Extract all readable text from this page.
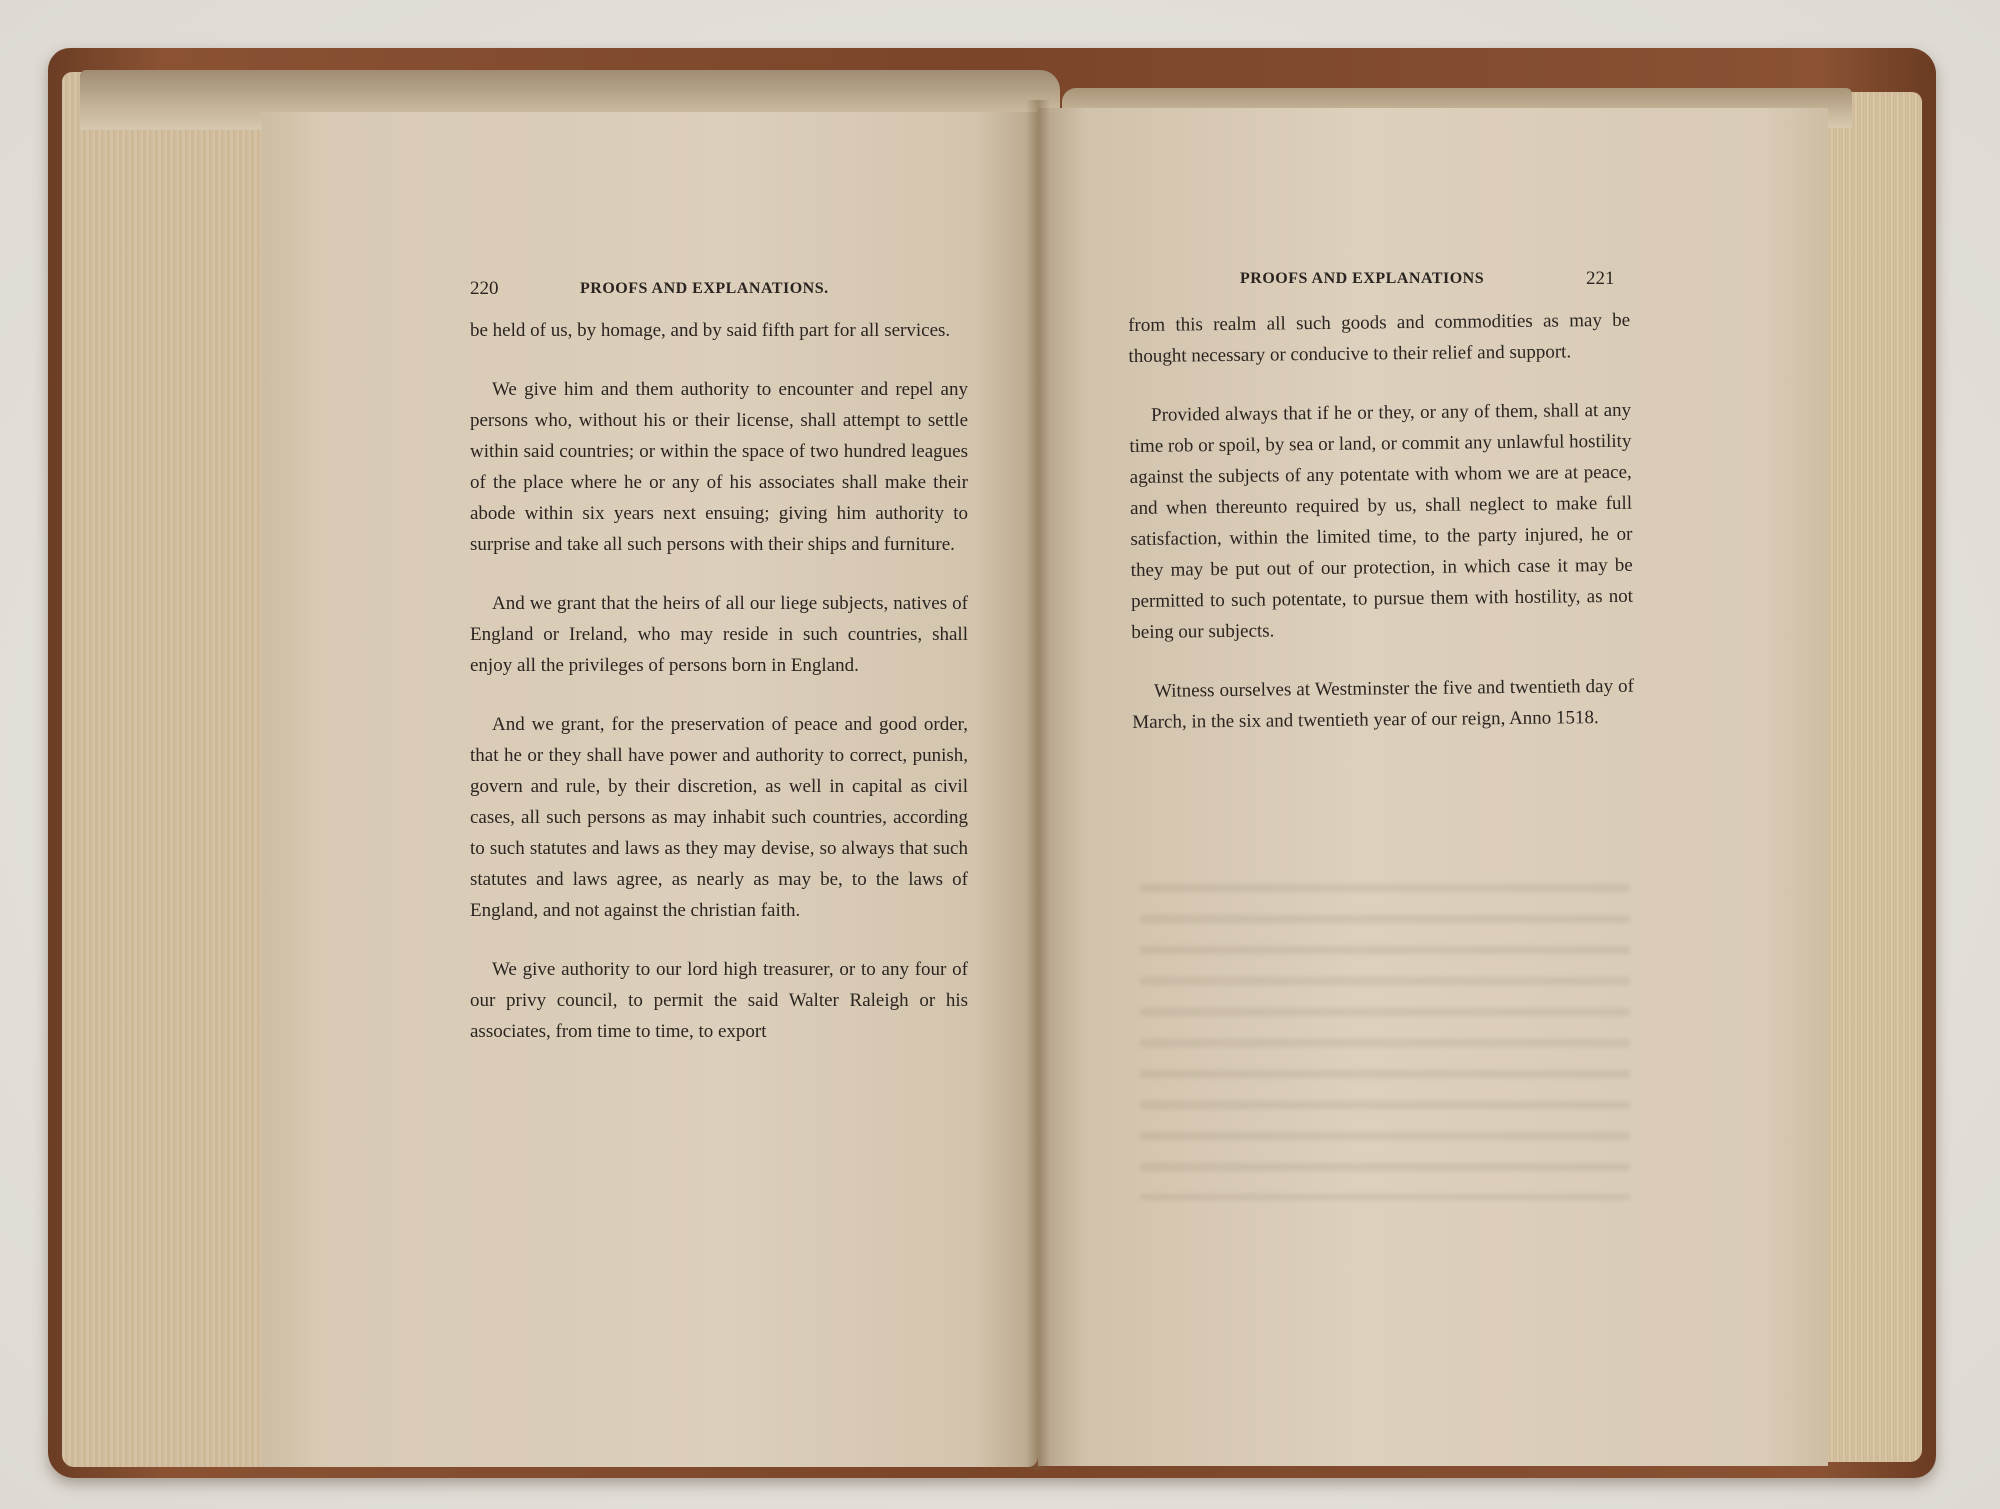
220	PROOFS AND EXPLANATIONS.
PROOFS AND EXPLANATIONS	221

be held of us, by homage, and by said fifth part for all services.

We give him and them authority to encounter and repel any persons who, without his or their license, shall attempt to settle within said countries; or within the space of two hundred leagues of the place where he or any of his associates shall make their abode within six years next ensuing; giving him authority to surprise and take all such persons with their ships and furniture.

And we grant that the heirs of all our liege subjects, natives of England or Ireland, who may reside in such countries, shall enjoy all the privileges of persons born in England.

And we grant, for the preservation of peace and good order, that he or they shall have power and authority to correct, punish, govern and rule, by their discretion, as well in capital as civil cases, all such persons as may inhabit such countries, according to such statutes and laws as they may devise, so always that such statutes and laws agree, as nearly as may be, to the laws of England, and not against the christian faith.

We give authority to our lord high treasurer, or to any four of our privy council, to permit the said Walter Raleigh or his associates, from time to time, to export

from this realm all such goods and commodities as may be thought necessary or conducive to their relief and support.

Provided always that if he or they, or any of them, shall at any time rob or spoil, by sea or land, or commit any unlawful hostility against the subjects of any potentate with whom we are at peace, and when thereunto required by us, shall neglect to make full satisfaction, within the limited time, to the party injured, he or they may be put out of our protection, in which case it may be permitted to such potentate, to pursue them with hostility, as not being our subjects.

Witness ourselves at Westminster the five and twentieth day of March, in the six and twentieth year of our reign, Anno 1518.
